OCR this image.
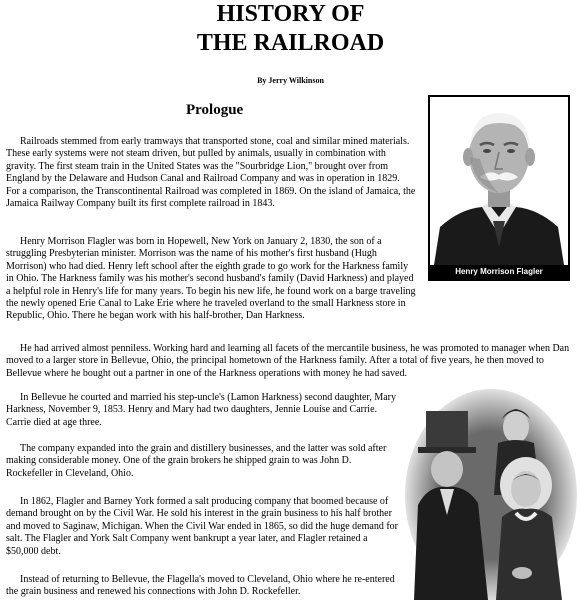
HISTORY OF
THE RAILROAD
By Jerry Wilkinson
Prologue
Henry Morrison Flagler

Railroads stemmed from early tramways that transported stone, coal and similar mined materials. These early systems were not steam driven, but pulled by animals, usually in combination with gravity. The first steam train in the United States was the "Sourbridge Lion," brought over from England by the Delaware and Hudson Canal and Railroad Company and was in operation in 1829. For a comparison, the Transcontinental Railroad was completed in 1869. On the island of Jamaica, the Jamaica Railway Company built its first complete railroad in 1843.

Henry Morrison Flagler was born in Hopewell, New York on January 2, 1830, the son of a struggling Presbyterian minister. Morrison was the name of his mother's first husband (Hugh Morrison) who had died. Henry left school after the eighth grade to go work for the Harkness family in Ohio. The Harkness family was his mother's second husband's family (David Harkness) and played a helpful role in Henry's life for many years. To begin his new life, he found work on a barge traveling the newly opened Erie Canal to Lake Erie where he traveled overland to the small Harkness store in Republic, Ohio. There he began work with his half-brother, Dan Harkness.

He had arrived almost penniless. Working hard and learning all facets of the mercantile business, he was promoted to manager when Dan moved to a larger store in Bellevue, Ohio, the principal hometown of the Harkness family. After a total of five years, he then moved to Bellevue where he bought out a partner in one of the Harkness operations with money he had saved.

In Bellevue he courted and married his step-uncle's (Lamon Harkness) second daughter, Mary Harkness, November 9, 1853. Henry and Mary had two daughters, Jennie Louise and Carrie. Carrie died at age three.

The company expanded into the grain and distillery businesses, and the latter was sold after making considerable money. One of the grain brokers he shipped grain to was John D. Rockefeller in Cleveland, Ohio.

In 1862, Flagler and Barney York formed a salt producing company that boomed because of demand brought on by the Civil War. He sold his interest in the grain business to his half brother and moved to Saginaw, Michigan. When the Civil War ended in 1865, so did the huge demand for salt. The Flagler and York Salt Company went bankrupt a year later, and Flagler retained a $50,000 debt.

Instead of returning to Bellevue, the Flagella's moved to Cleveland, Ohio where he re-entered the grain business and renewed his connections with John D. Rockefeller.
